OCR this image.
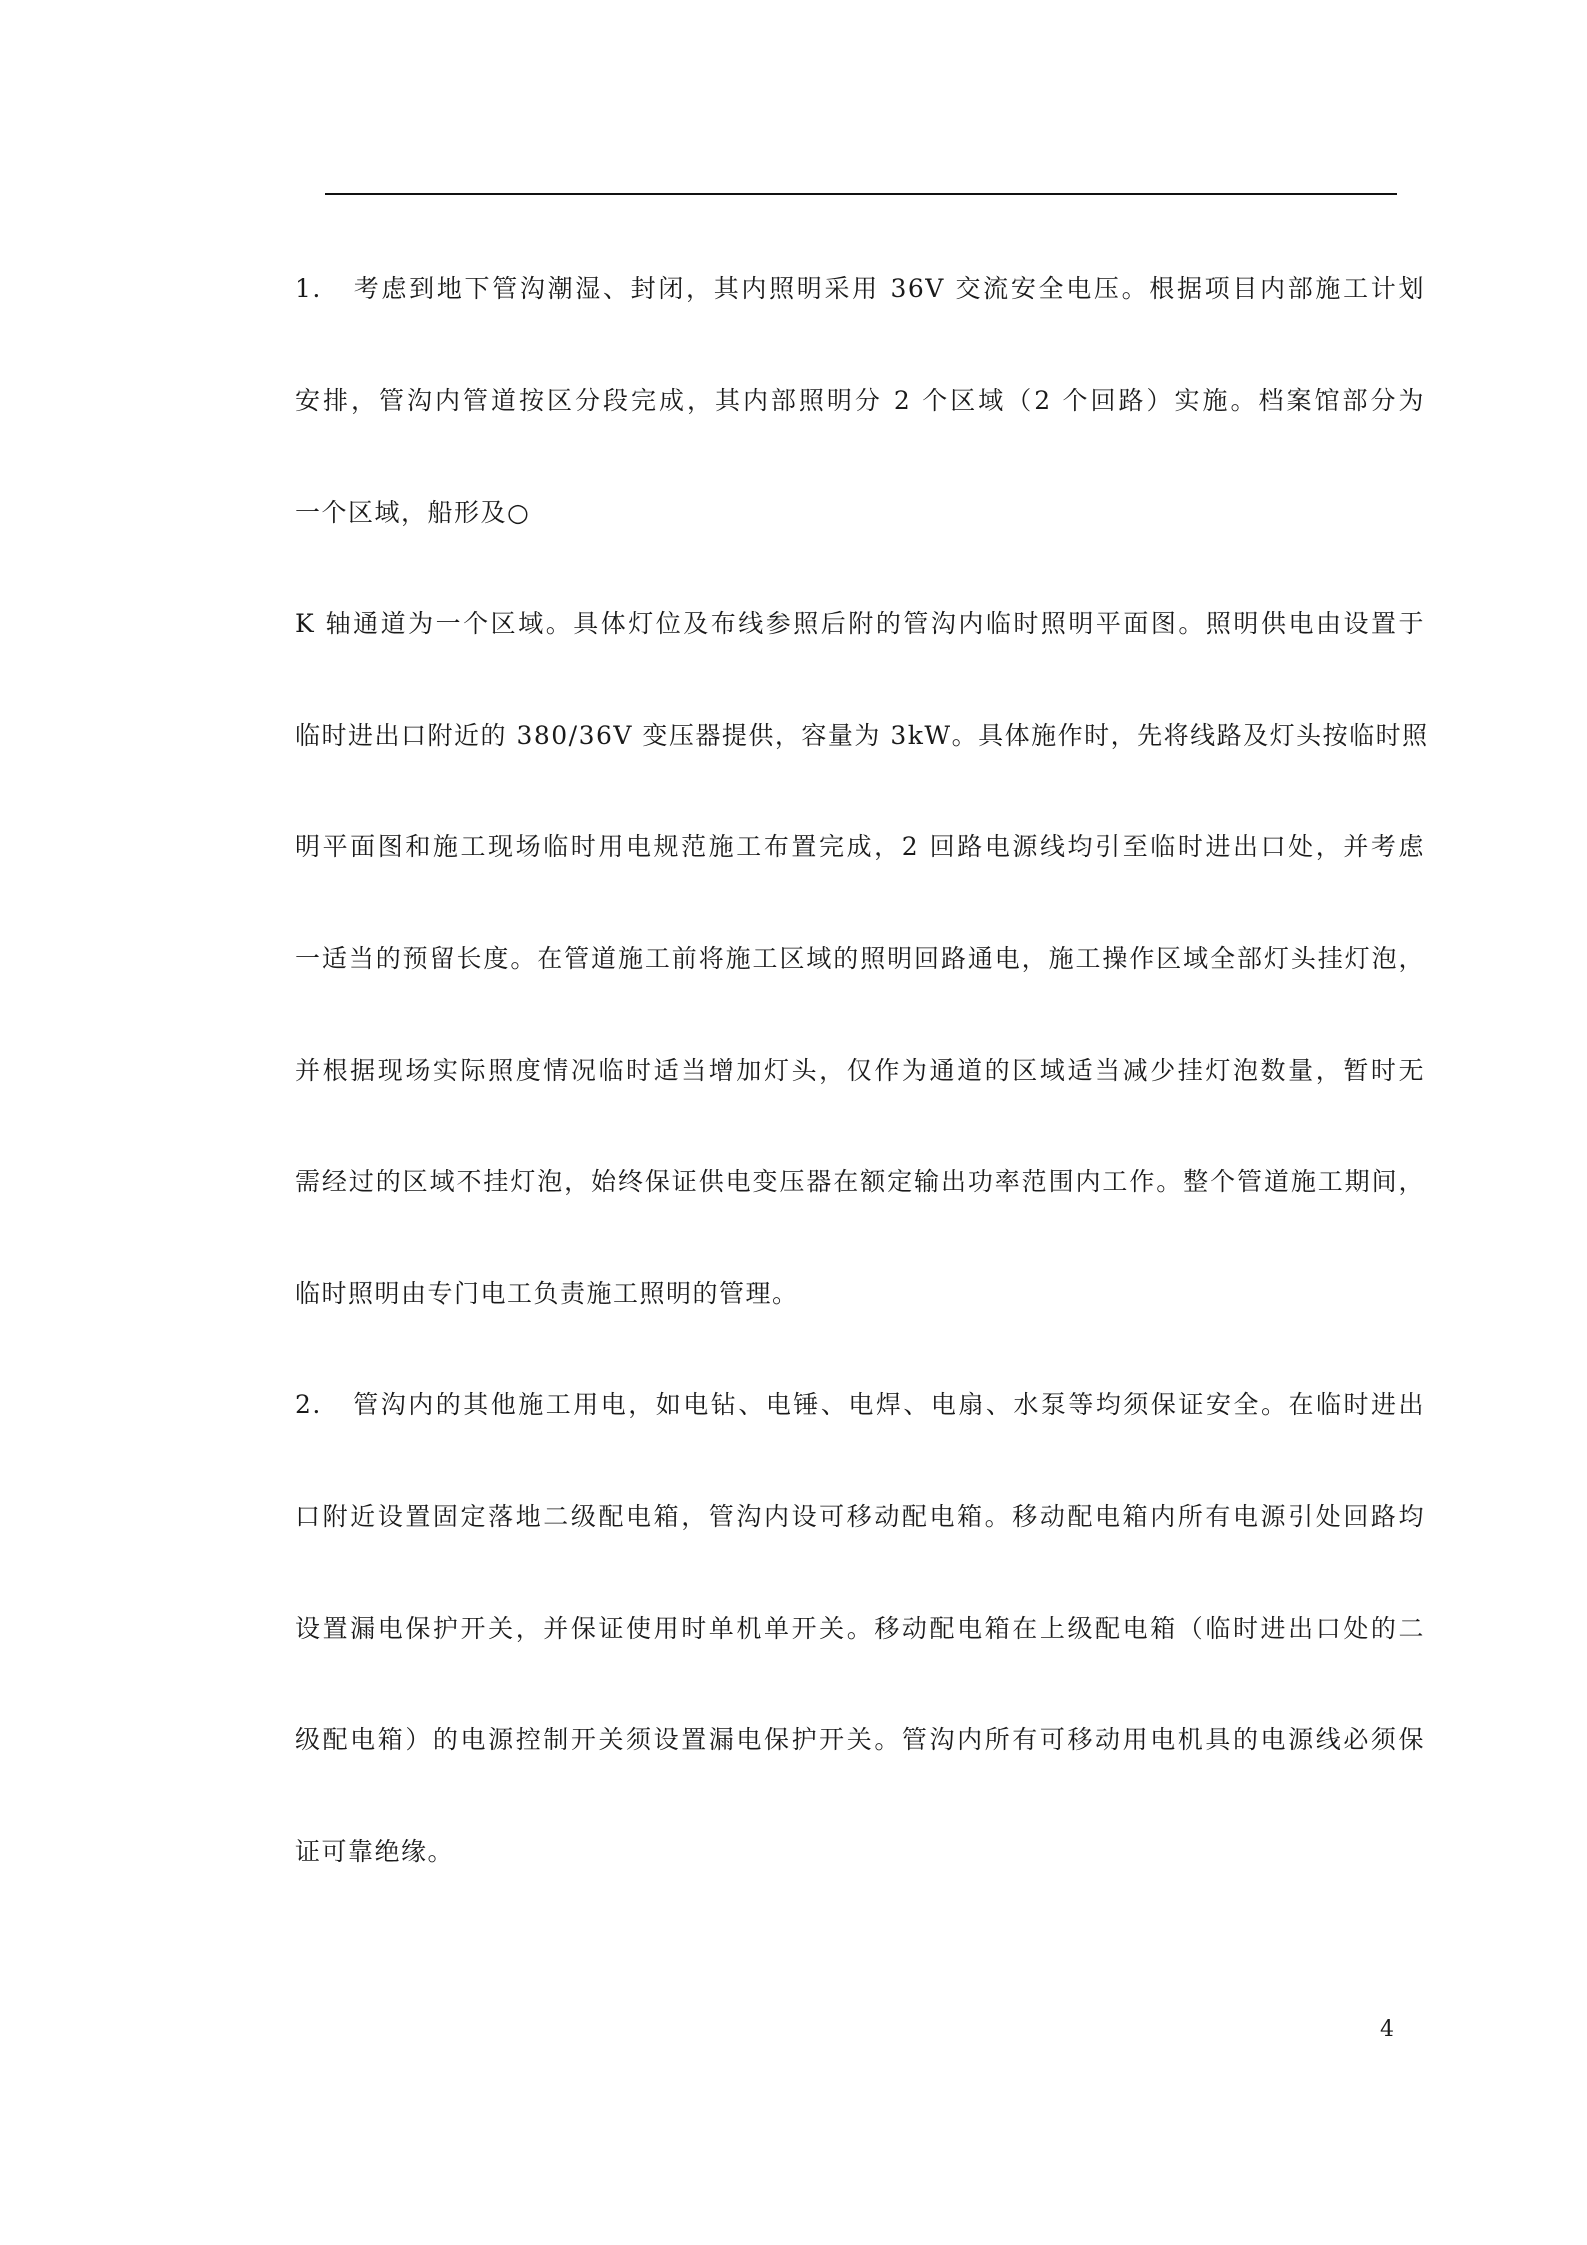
1.   考虑到地下管沟潮湿、封闭，其内照明采用 36V 交流安全电压。根据项目内部施工计划
安排，管沟内管道按区分段完成，其内部照明分 2 个区域（2 个回路）实施。档案馆部分为
一个区域，船形及○
K 轴通道为一个区域。具体灯位及布线参照后附的管沟内临时照明平面图。照明供电由设置于
临时进出口附近的 380/36V 变压器提供，容量为 3kW。具体施作时，先将线路及灯头按临时照
明平面图和施工现场临时用电规范施工布置完成，2 回路电源线均引至临时进出口处，并考虑
一适当的预留长度。在管道施工前将施工区域的照明回路通电，施工操作区域全部灯头挂灯泡，
并根据现场实际照度情况临时适当增加灯头，仅作为通道的区域适当减少挂灯泡数量，暂时无
需经过的区域不挂灯泡，始终保证供电变压器在额定输出功率范围内工作。整个管道施工期间，
临时照明由专门电工负责施工照明的管理。
2.   管沟内的其他施工用电，如电钻、电锤、电焊、电扇、水泵等均须保证安全。在临时进出
口附近设置固定落地二级配电箱，管沟内设可移动配电箱。移动配电箱内所有电源引处回路均
设置漏电保护开关，并保证使用时单机单开关。移动配电箱在上级配电箱（临时进出口处的二
级配电箱）的电源控制开关须设置漏电保护开关。管沟内所有可移动用电机具的电源线必须保
证可靠绝缘。
4
